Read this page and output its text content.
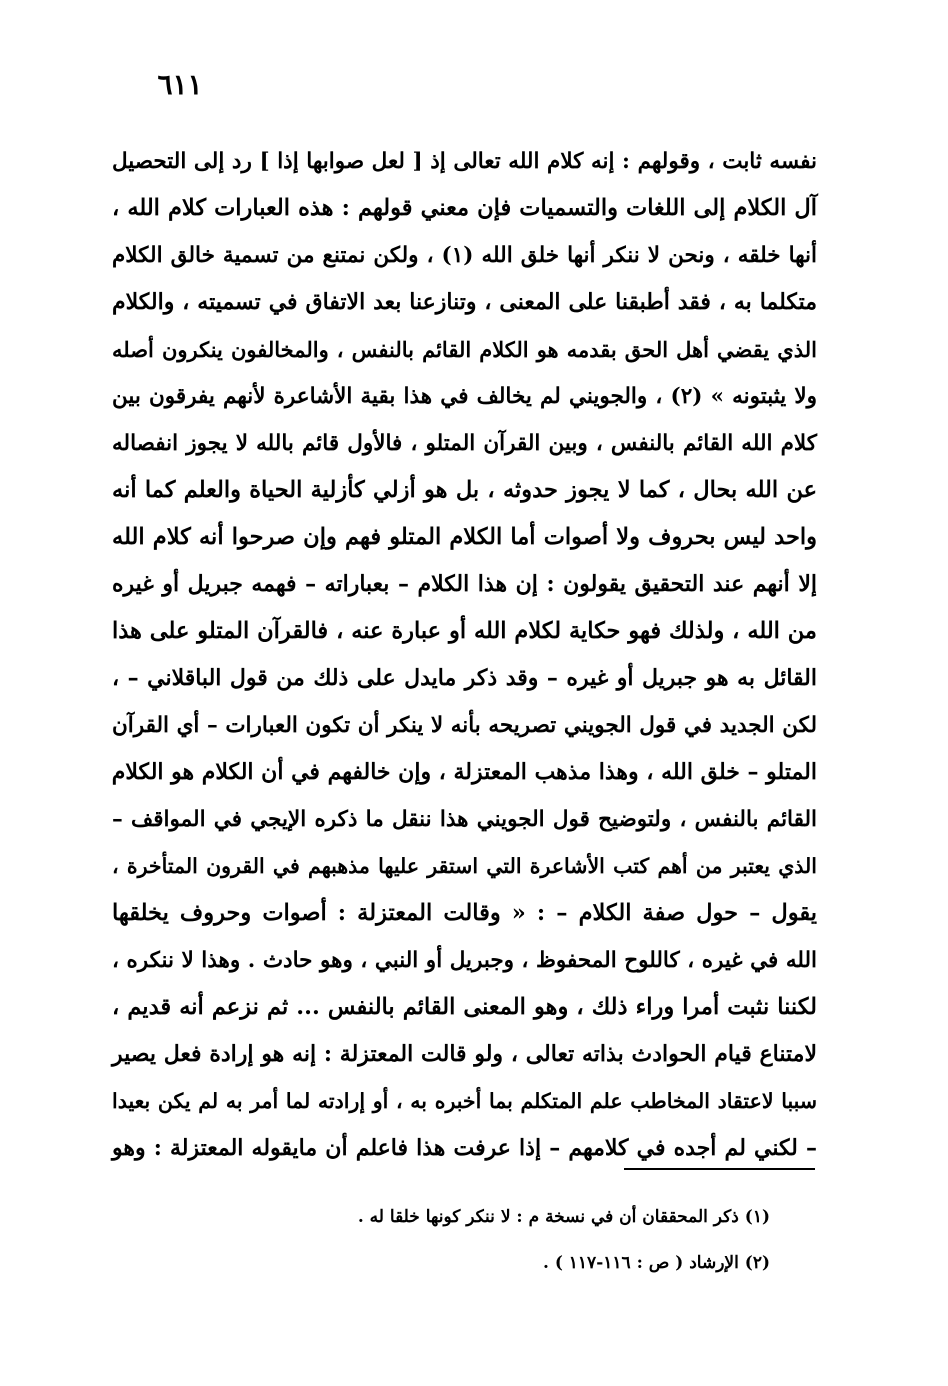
٦١١
نفسه ثابت ، وقولهم : إنه كلام الله تعالى إذ [ لعل صوابها إذا ] رد إلى التحصيل
آل الكلام إلى اللغات والتسميات فإن معني قولهم : هذه العبارات كلام الله ،
أنها خلقه ، ونحن لا ننكر أنها خلق الله (١) ، ولكن نمتنع من تسمية خالق الكلام
متكلما به ، فقد أطبقنا على المعنى ، وتنازعنا بعد الاتفاق في تسميته ، والكلام
الذي يقضي أهل الحق بقدمه هو الكلام القائم بالنفس ، والمخالفون ينكرون أصله
ولا يثبتونه » (٢) ، والجويني لم يخالف في هذا بقية الأشاعرة لأنهم يفرقون بين
كلام الله القائم بالنفس ، وبين القرآن المتلو ، فالأول قائم بالله لا يجوز انفصاله
عن الله بحال ، كما لا يجوز حدوثه ، بل هو أزلي كأزلية الحياة والعلم كما أنه
واحد ليس بحروف ولا أصوات أما الكلام المتلو فهم وإن صرحوا أنه كلام الله
إلا أنهم عند التحقيق يقولون : إن هذا الكلام – بعباراته – فهمه جبريل أو غيره
من الله ، ولذلك فهو حكاية لكلام الله أو عبارة عنه ، فالقرآن المتلو على هذا
القائل به هو جبريل أو غيره – وقد ذكر مايدل على ذلك من قول الباقلاني – ،
لكن الجديد في قول الجويني تصريحه بأنه لا ينكر أن تكون العبارات – أي القرآن
المتلو – خلق الله ، وهذا مذهب المعتزلة ، وإن خالفهم في أن الكلام هو الكلام
القائم بالنفس ، ولتوضيح قول الجويني هذا ننقل ما ذكره الإيجي في المواقف –
الذي يعتبر من أهم كتب الأشاعرة التي استقر عليها مذهبهم في القرون المتأخرة ،
يقول – حول صفة الكلام – : « وقالت المعتزلة : أصوات وحروف يخلقها
الله في غيره ، كاللوح المحفوظ ، وجبريل أو النبي ، وهو حادث . وهذا لا ننكره ،
لكننا نثبت أمرا وراء ذلك ، وهو المعنى القائم بالنفس ... ثم نزعم أنه قديم ،
لامتناع قيام الحوادث بذاته تعالى ، ولو قالت المعتزلة : إنه هو إرادة فعل يصير
سببا لاعتقاد المخاطب علم المتكلم بما أخبره به ، أو إرادته لما أمر به لم يكن بعيدا
– لكني لم أجده في كلامهم – إذا عرفت هذا فاعلم أن مايقوله المعتزلة : وهو
(١) ذكر المحققان أن في نسخة م : لا ننكر كونها خلقا له .
(٢) الإرشاد ( ص : ١١٦-١١٧ ) .
